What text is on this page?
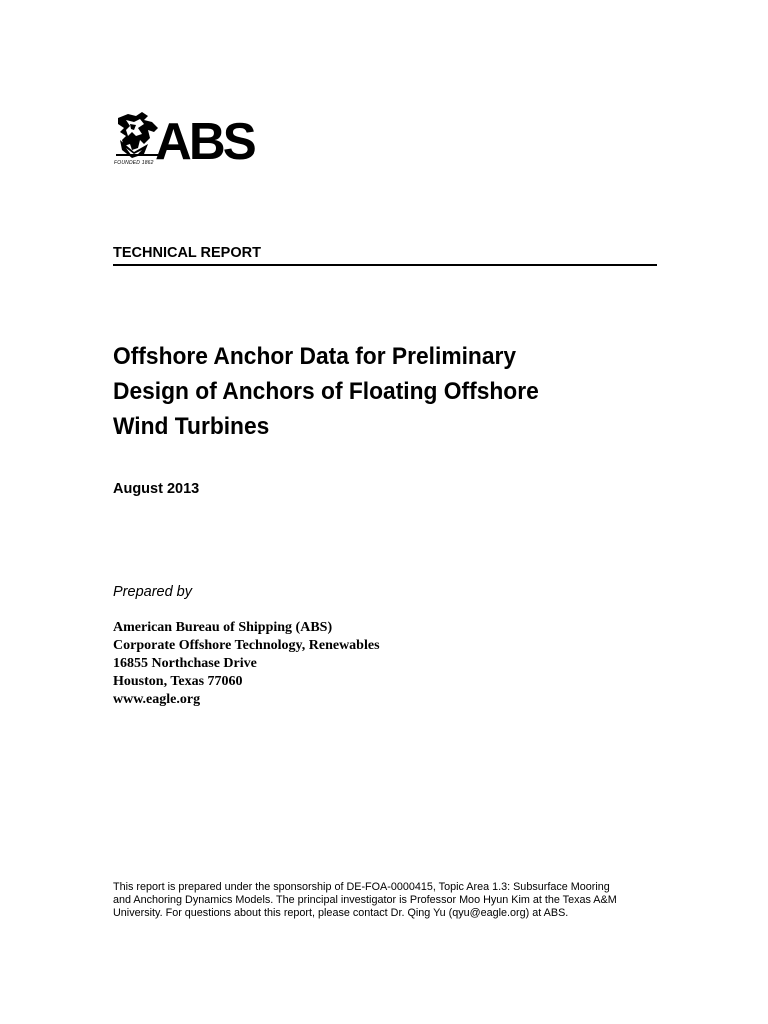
ABS
FOUNDED 1862
TECHNICAL REPORT
Offshore Anchor Data for Preliminary
Design of Anchors of Floating Offshore
Wind Turbines
August 2013
Prepared by
American Bureau of Shipping (ABS)
Corporate Offshore Technology, Renewables
16855 Northchase Drive
Houston, Texas 77060
www.eagle.org
This report is prepared under the sponsorship of DE-FOA-0000415, Topic Area 1.3: Subsurface Mooring
and Anchoring Dynamics Models. The principal investigator is Professor Moo Hyun Kim at the Texas A&M
University. For questions about this report, please contact Dr. Qing Yu (qyu@eagle.org) at ABS.
